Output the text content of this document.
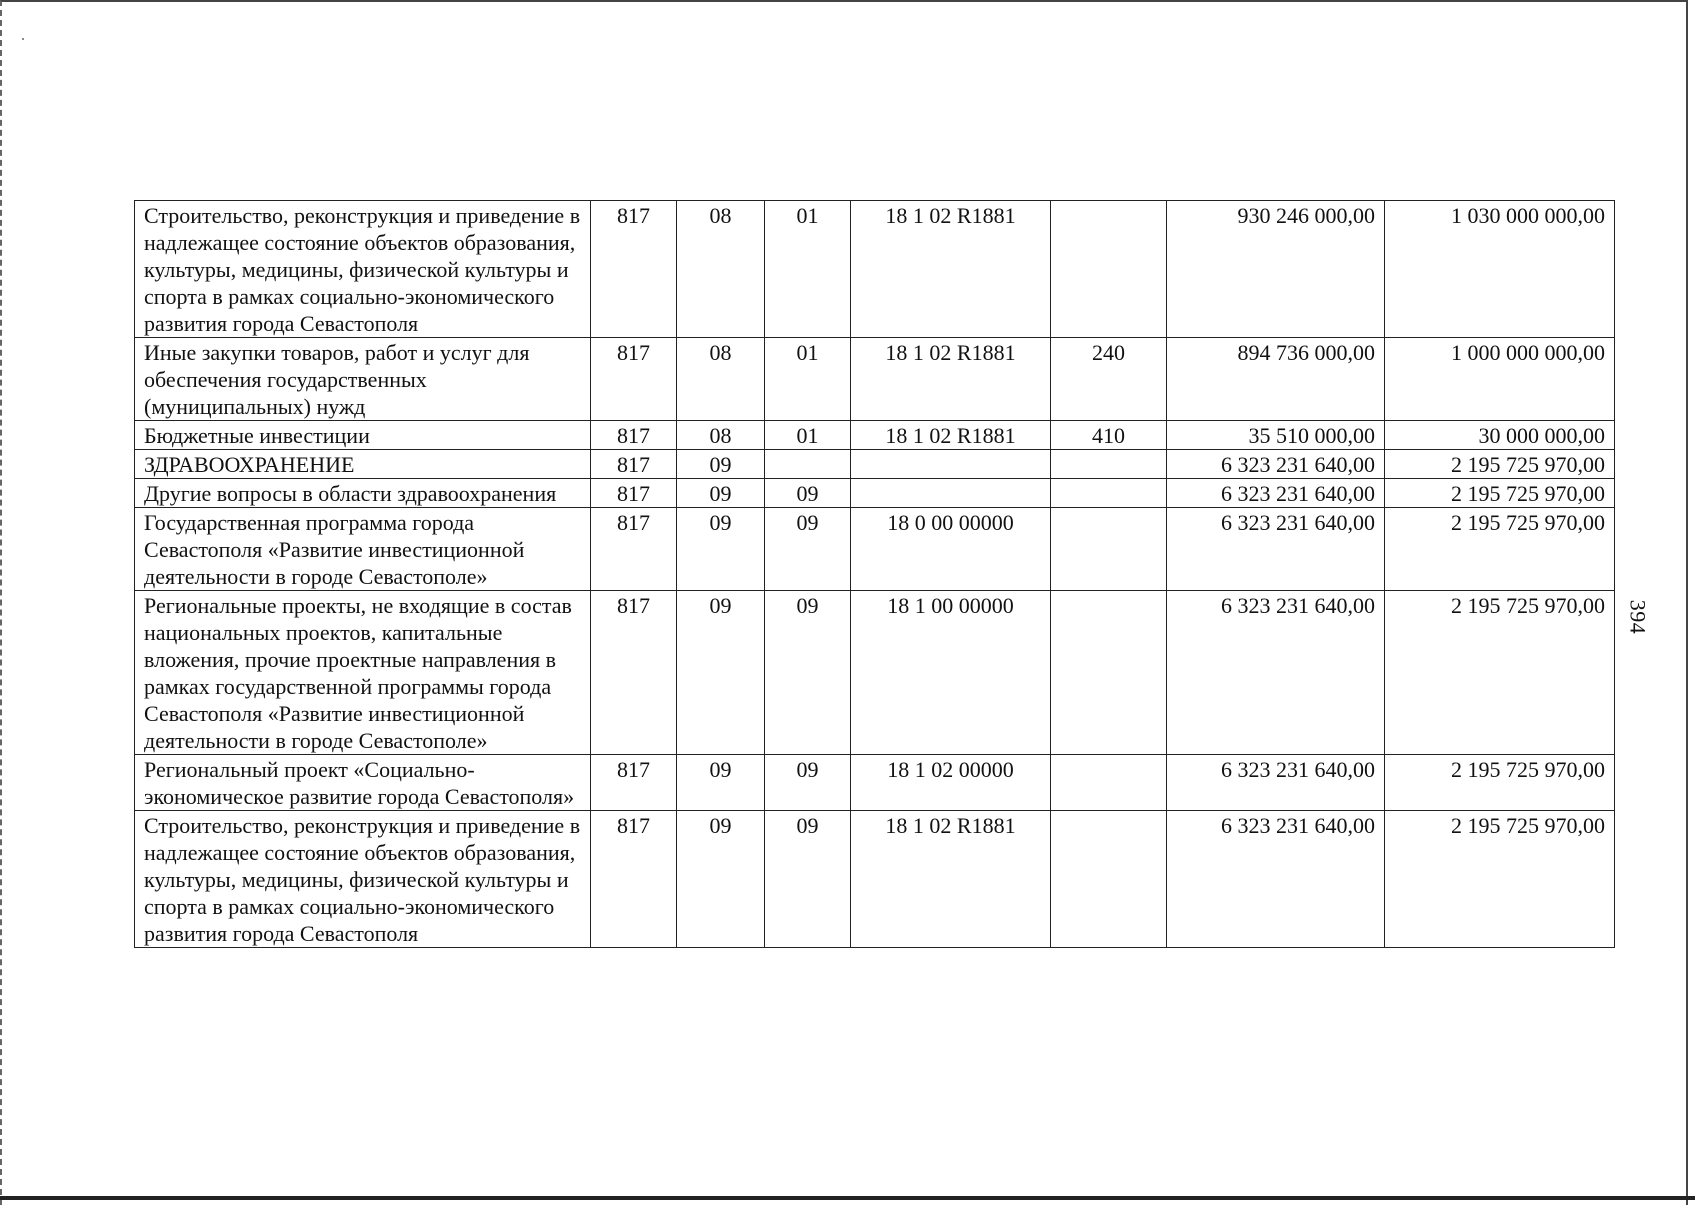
394
Строительство, реконструкция и приведение в надлежащее состояние объектов образования, культуры, медицины, физической культуры и спорта в рамках социально-экономического развития города Севастополя	817	08	01	18 1 02 R1881		930 246 000,00	1 030 000 000,00
Иные закупки товаров, работ и услуг для обеспечения государственных (муниципальных) нужд	817	08	01	18 1 02 R1881	240	894 736 000,00	1 000 000 000,00
Бюджетные инвестиции	817	08	01	18 1 02 R1881	410	35 510 000,00	30 000 000,00
ЗДРАВООХРАНЕНИЕ	817	09				6 323 231 640,00	2 195 725 970,00
Другие вопросы в области здравоохранения	817	09	09			6 323 231 640,00	2 195 725 970,00
Государственная программа города Севастополя «Развитие инвестиционной деятельности в городе Севастополе»	817	09	09	18 0 00 00000		6 323 231 640,00	2 195 725 970,00
Региональные проекты, не входящие в состав национальных проектов, капитальные вложения, прочие проектные направления в рамках государственной программы города Севастополя «Развитие инвестиционной деятельности в городе Севастополе»	817	09	09	18 1 00 00000		6 323 231 640,00	2 195 725 970,00
Региональный проект «Социально-экономическое развитие города Севастополя»	817	09	09	18 1 02 00000		6 323 231 640,00	2 195 725 970,00
Строительство, реконструкция и приведение в надлежащее состояние объектов образования, культуры, медицины, физической культуры и спорта в рамках социально-экономического развития города Севастополя	817	09	09	18 1 02 R1881		6 323 231 640,00	2 195 725 970,00
